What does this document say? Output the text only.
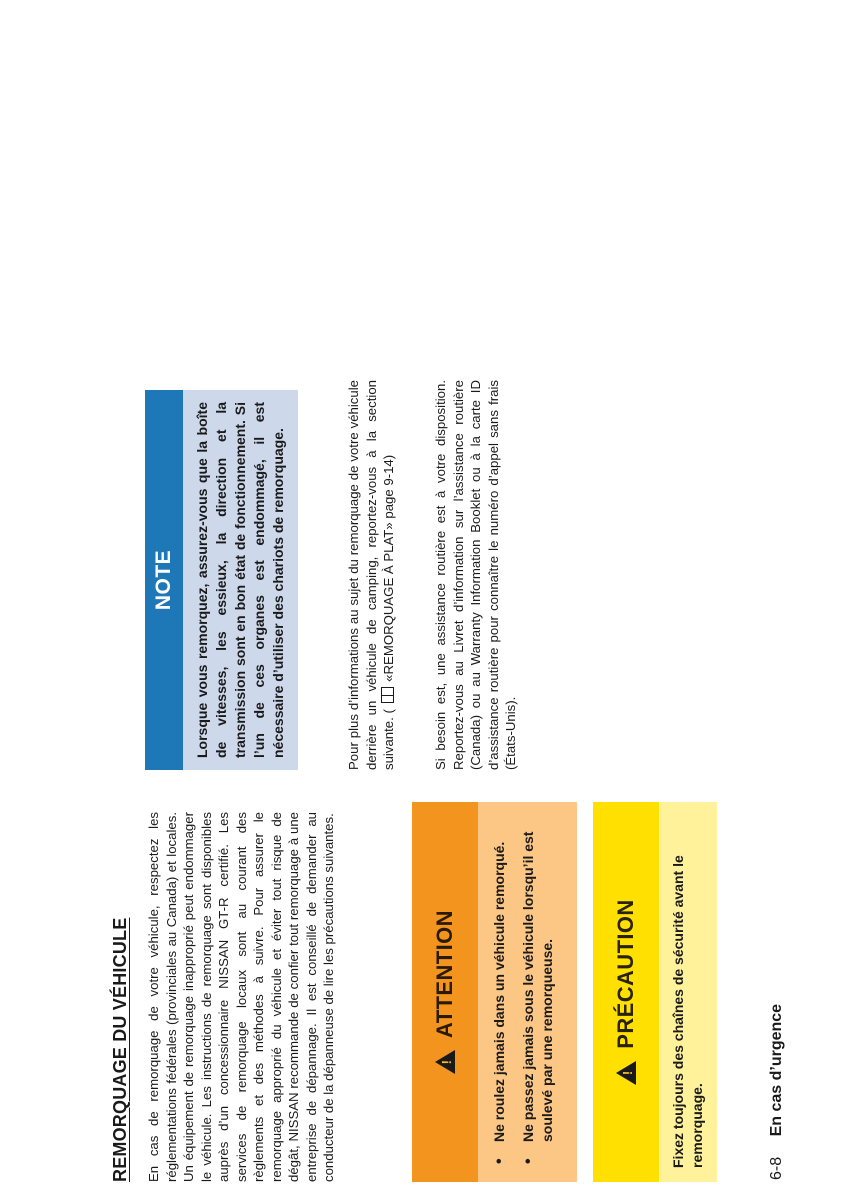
REMORQUAGE DU VÉHICULE En cas de remorquage de votre véhicule, respectez les réglementations fédérales (provinciales au Canada) et locales. Un équipement de remorquage inapproprié peut endommager le véhicule. Les instructions de remorquage sont disponibles auprès d’un concessionnaire NISSAN GT-R certifié. Les services de remorquage locaux sont au courant des règlements et des méthodes à suivre. Pour assurer le remorquage approprié du véhicule et éviter tout risque de dégât, NISSAN recommande de confier tout remorquage à une entreprise de dépannage. Il est conseillé de demander au conducteur de la dépanneuse de lire les précautions suivantes.	!
ATTENTION • Ne roulez jamais dans un véhicule remorqué. • Ne passez jamais sous le véhicule lorsqu’il est soulevé par une remorqueuse.	!
PRÉCAUTION	Fixez toujours des chaînes de sécurité avant le remorquage.
NOTE	Lorsque vous remorquez, assurez-vous que la boîte de vitesses, les essieux, la direction et la transmission sont en bon état de fonctionnement. Si l’un de ces organes est endommagé, il est nécessaire d’utiliser des chariots de remorquage.	Pour plus d’informations au sujet du remorquage de votre véhicule derrière un véhicule de camping, reportez-vous à la section suivante. (  «REMORQUAGE À PLAT» page 9-14)	Si besoin est, une assistance routière est à votre disposition. Reportez-vous au Livret d’information sur l’assistance routière (Canada) ou au Warranty Information Booklet ou à la carte ID d’assistance routière pour connaître le numéro d’appel sans frais (États-Unis).

6-8 En cas d’urgence
